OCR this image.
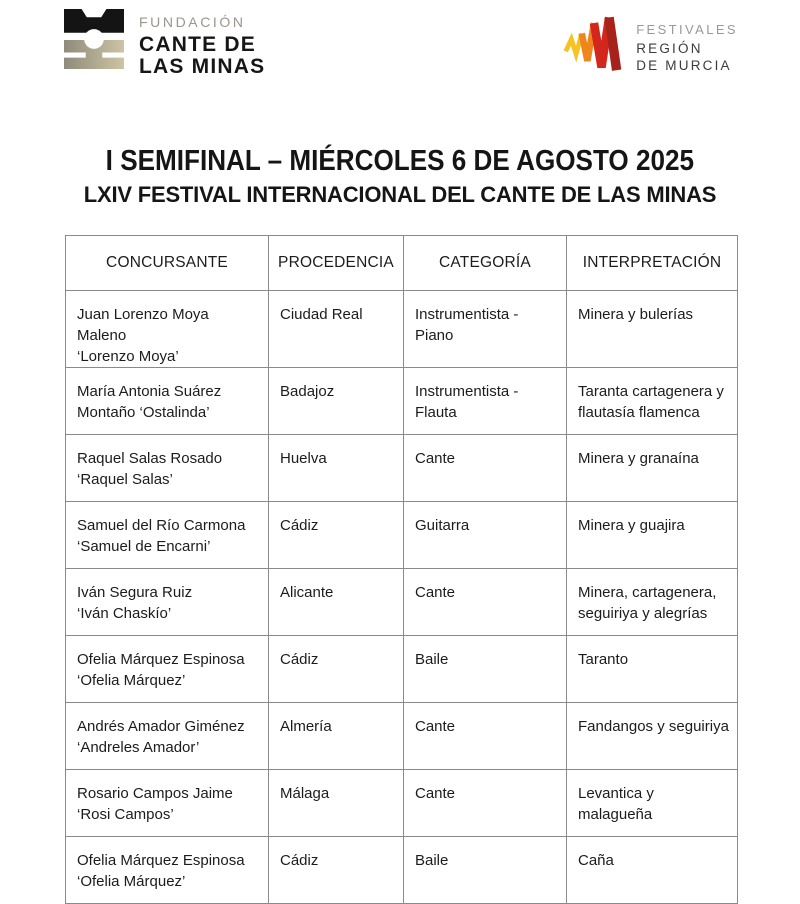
FUNDACIÓN
CANTE DE
LAS MINAS
FESTIVALES
REGIÓN
DE MURCIA
I SEMIFINAL – MIÉRCOLES 6 DE AGOSTO 2025
LXIV FESTIVAL INTERNACIONAL DEL CANTE DE LAS MINAS
CONCURSANTE	PROCEDENCIA	CATEGORÍA	INTERPRETACIÓN
Juan Lorenzo Moya Maleno
‘Lorenzo Moya’	Ciudad Real	Instrumentista - Piano	Minera y bulerías
María Antonia Suárez
Montaño ‘Ostalinda’	Badajoz	Instrumentista - Flauta	Taranta cartagenera y
flautasía flamenca
Raquel Salas Rosado
‘Raquel Salas’	Huelva	Cante	Minera y granaína
Samuel del Río Carmona
‘Samuel de Encarni’	Cádiz	Guitarra	Minera y guajira
Iván Segura Ruiz
‘Iván Chaskío’	Alicante	Cante	Minera, cartagenera,
seguiriya y alegrías
Ofelia Márquez Espinosa
‘Ofelia Márquez’	Cádiz	Baile	Taranto
Andrés Amador Giménez
‘Andreles Amador’	Almería	Cante	Fandangos y seguiriya
Rosario Campos Jaime
‘Rosi Campos’	Málaga	Cante	Levantica y
malagueña
Ofelia Márquez Espinosa
‘Ofelia Márquez’	Cádiz	Baile	Caña
